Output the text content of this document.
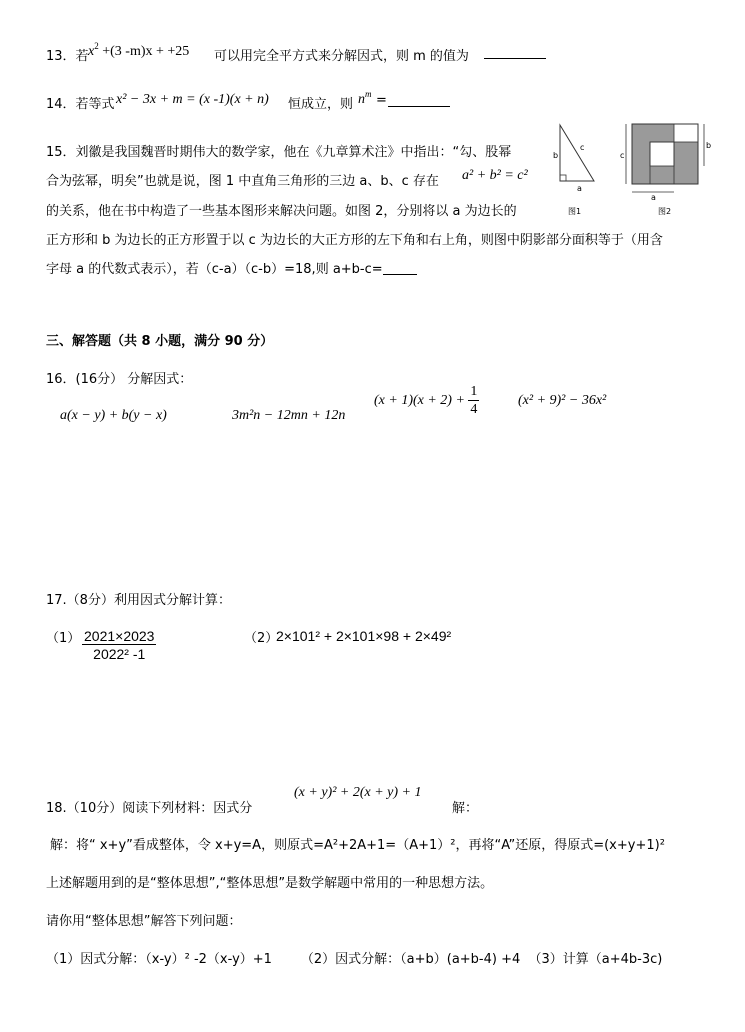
13．若 $x^2 +(3$ -m)x + +25 可以用完全平方式来分解因式，则 m 的值为
14．若等式 x² − 3x + m = (x -1)(x + n) 恒成立，则 $n^m$ =
15．刘徽是我国魏晋时期伟大的数学家，他在《九章算术注》中指出：“勾、股幂
合为弦幂，明矣”也就是说，图 1 中直角三角形的三边 a、b、c 存在 a² + b² = c²
的关系，他在书中构造了一些基本图形来解决问题。如图 2，分别将以 a 为边长的
正方形和 b 为边长的正方形置于以 c 为边长的大正方形的左下角和右上角，则图中阴影部分面积等于（用含
字母 a 的代数式表示），若（c-a）（c-b）=18,则 a+b-c=
b
c
a
图1
c
b
a
图2
三、解答题（共 8 小题，满分 90 分）
16．(16分） 分解因式：
a(x − y) + b(y − x)	3m²n − 12mn + 12n
$(x + 1)(x + 2) + \frac{1}{4}$	(x² + 9)² − 36x²
17.（8分）利用因式分解计算：
$(1) \frac{2021\times 2023}{\text{2022² -1}}$	（2）
2×101² + 2×101×98 + 2×49²
18.（10分）阅读下列材料：因式分
(x + y)² + 2(x + y) + 1
解：
解：将“ x+y”看成整体，令 x+y=A，则原式=A²+2A+1=（A+1）²，再将“A”还原，得原式=(x+y+1)²
上述解题用到的是“整体思想”,“整体思想”是数学解题中常用的一种思想方法。
请你用“整体思想”解答下列问题：
（1）因式分解：（x-y）² -2（x-y）+1       （2）因式分解：（a+b）(a+b-4) +4  （3）计算（a+4b-3c)
